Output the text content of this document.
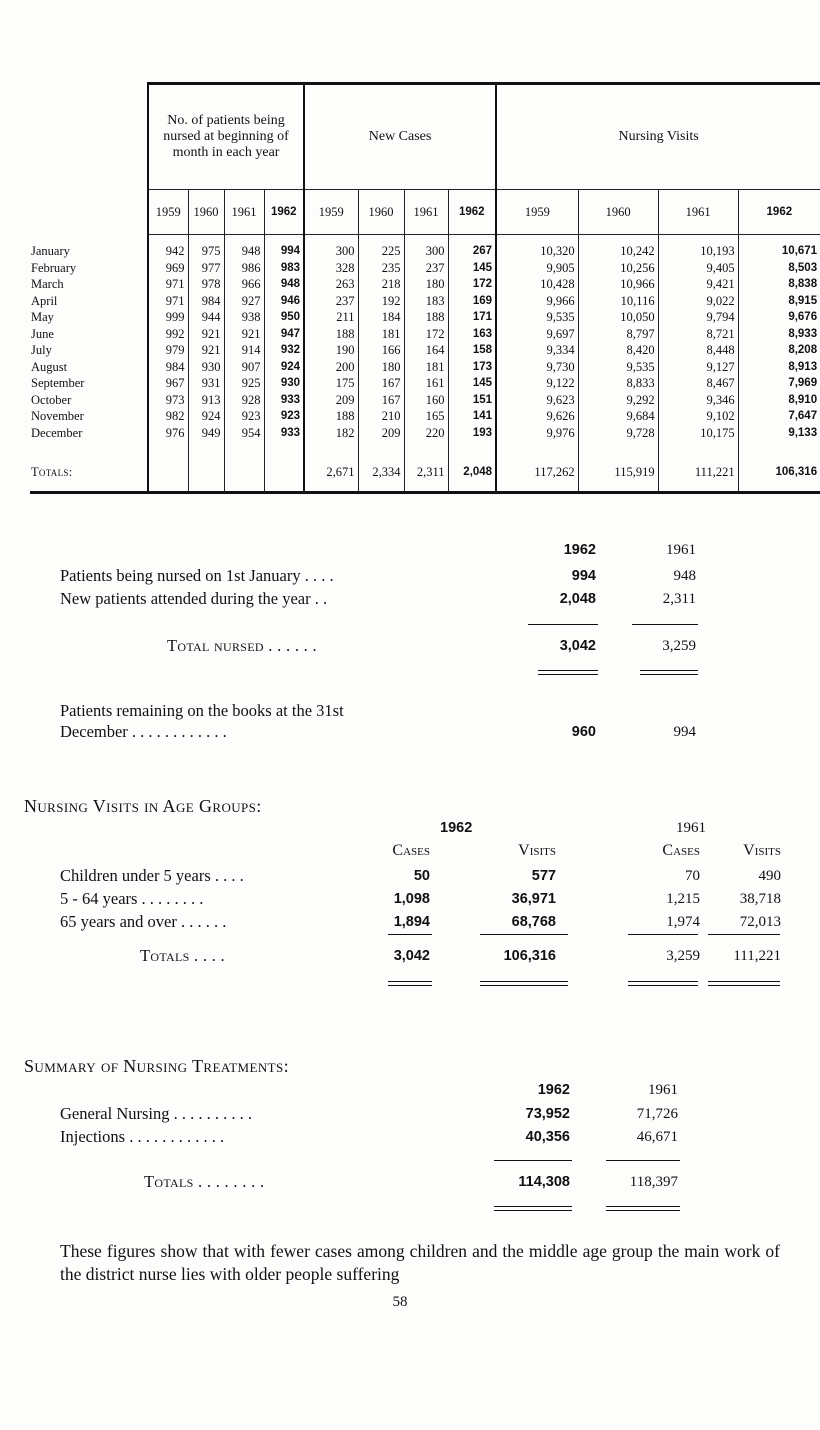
	No. of patients being nursed at beginning of month in each year				New Cases				Nursing Visits			
	1959	1960	1961	1962	1959	1960	1961	1962	1959	1960	1961	1962

January	942	975	948	994	300	225	300	267	10,320	10,242	10,193	10,671
February	969	977	986	983	328	235	237	145	9,905	10,256	9,405	8,503
March	971	978	966	948	263	218	180	172	10,428	10,966	9,421	8,838
April	971	984	927	946	237	192	183	169	9,966	10,116	9,022	8,915
May	999	944	938	950	211	184	188	171	9,535	10,050	9,794	9,676
June	992	921	921	947	188	181	172	163	9,697	8,797	8,721	8,933
July	979	921	914	932	190	166	164	158	9,334	8,420	8,448	8,208
August	984	930	907	924	200	180	181	173	9,730	9,535	9,127	8,913
September	967	931	925	930	175	167	161	145	9,122	8,833	8,467	7,969
October	973	913	928	933	209	167	160	151	9,623	9,292	9,346	8,910
November	982	924	923	923	188	210	165	141	9,626	9,684	9,102	7,647
December	976	949	954	933	182	209	220	193	9,976	9,728	10,175	9,133

Totals:					2,671	2,334	2,311	2,048	117,262	115,919	111,221	106,316
1962	1961
Patients being nursed on 1st January . . . .	994	948
New patients attended during the year . .	2,048	2,311
Total nursed . . . . . .	3,042	3,259
Patients remaining on the books at the 31st
December . . . . . . . . . . . .	960	994
Nursing Visits in Age Groups:
1962	1961
Cases	Visits	Cases	Visits
Children under 5 years . . . .	50	577	70	490
5 - 64 years . . . . . . . .	1,098	36,971	1,215	38,718
65 years and over . . . . . .	1,894	68,768	1,974	72,013
Totals . . . .	3,042	106,316	3,259	111,221
Summary of Nursing Treatments:
1962	1961
General Nursing . . . . . . . . . .	73,952	71,726
Injections . . . . . . . . . . . .	40,356	46,671
Totals . . . . . . . .	114,308	118,397
These figures show that with fewer cases among children and the middle age group the main work of the district nurse lies with older people suffering
58
